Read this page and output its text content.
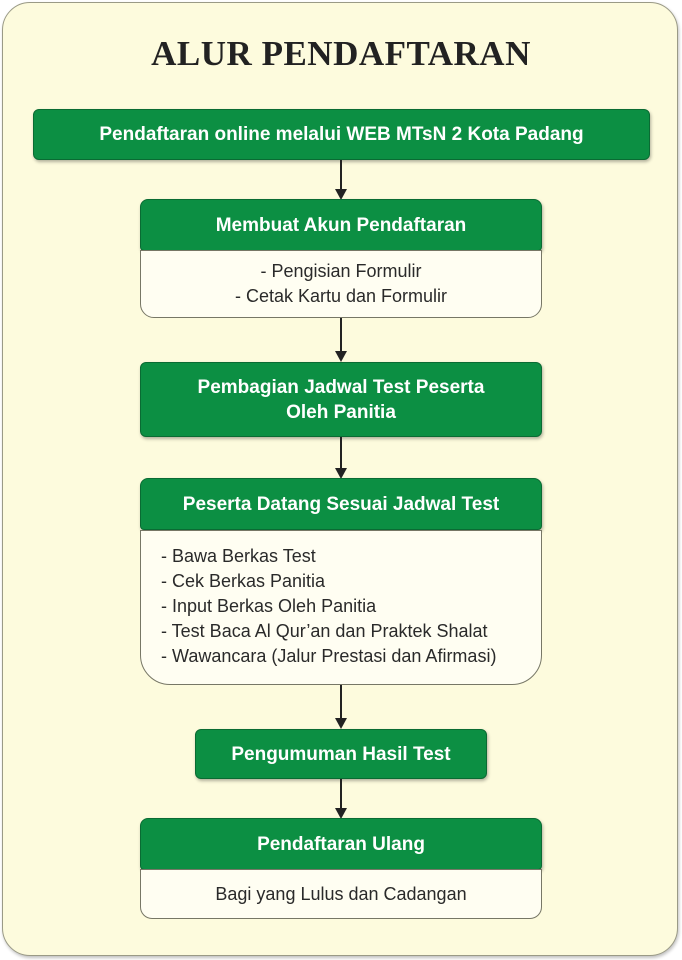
ALUR PENDAFTARAN
Pendaftaran online melalui WEB MTsN 2 Kota Padang
Membuat Akun Pendaftaran
- Pengisian Formulir
- Cetak Kartu dan Formulir
Pembagian Jadwal Test Peserta
Oleh Panitia
Peserta Datang Sesuai Jadwal Test
- Bawa Berkas Test
- Cek Berkas Panitia
- Input Berkas Oleh Panitia
- Test Baca Al Qur’an dan Praktek Shalat
- Wawancara (Jalur Prestasi dan Afirmasi)
Pengumuman Hasil Test
Pendaftaran Ulang
Bagi yang Lulus dan Cadangan
